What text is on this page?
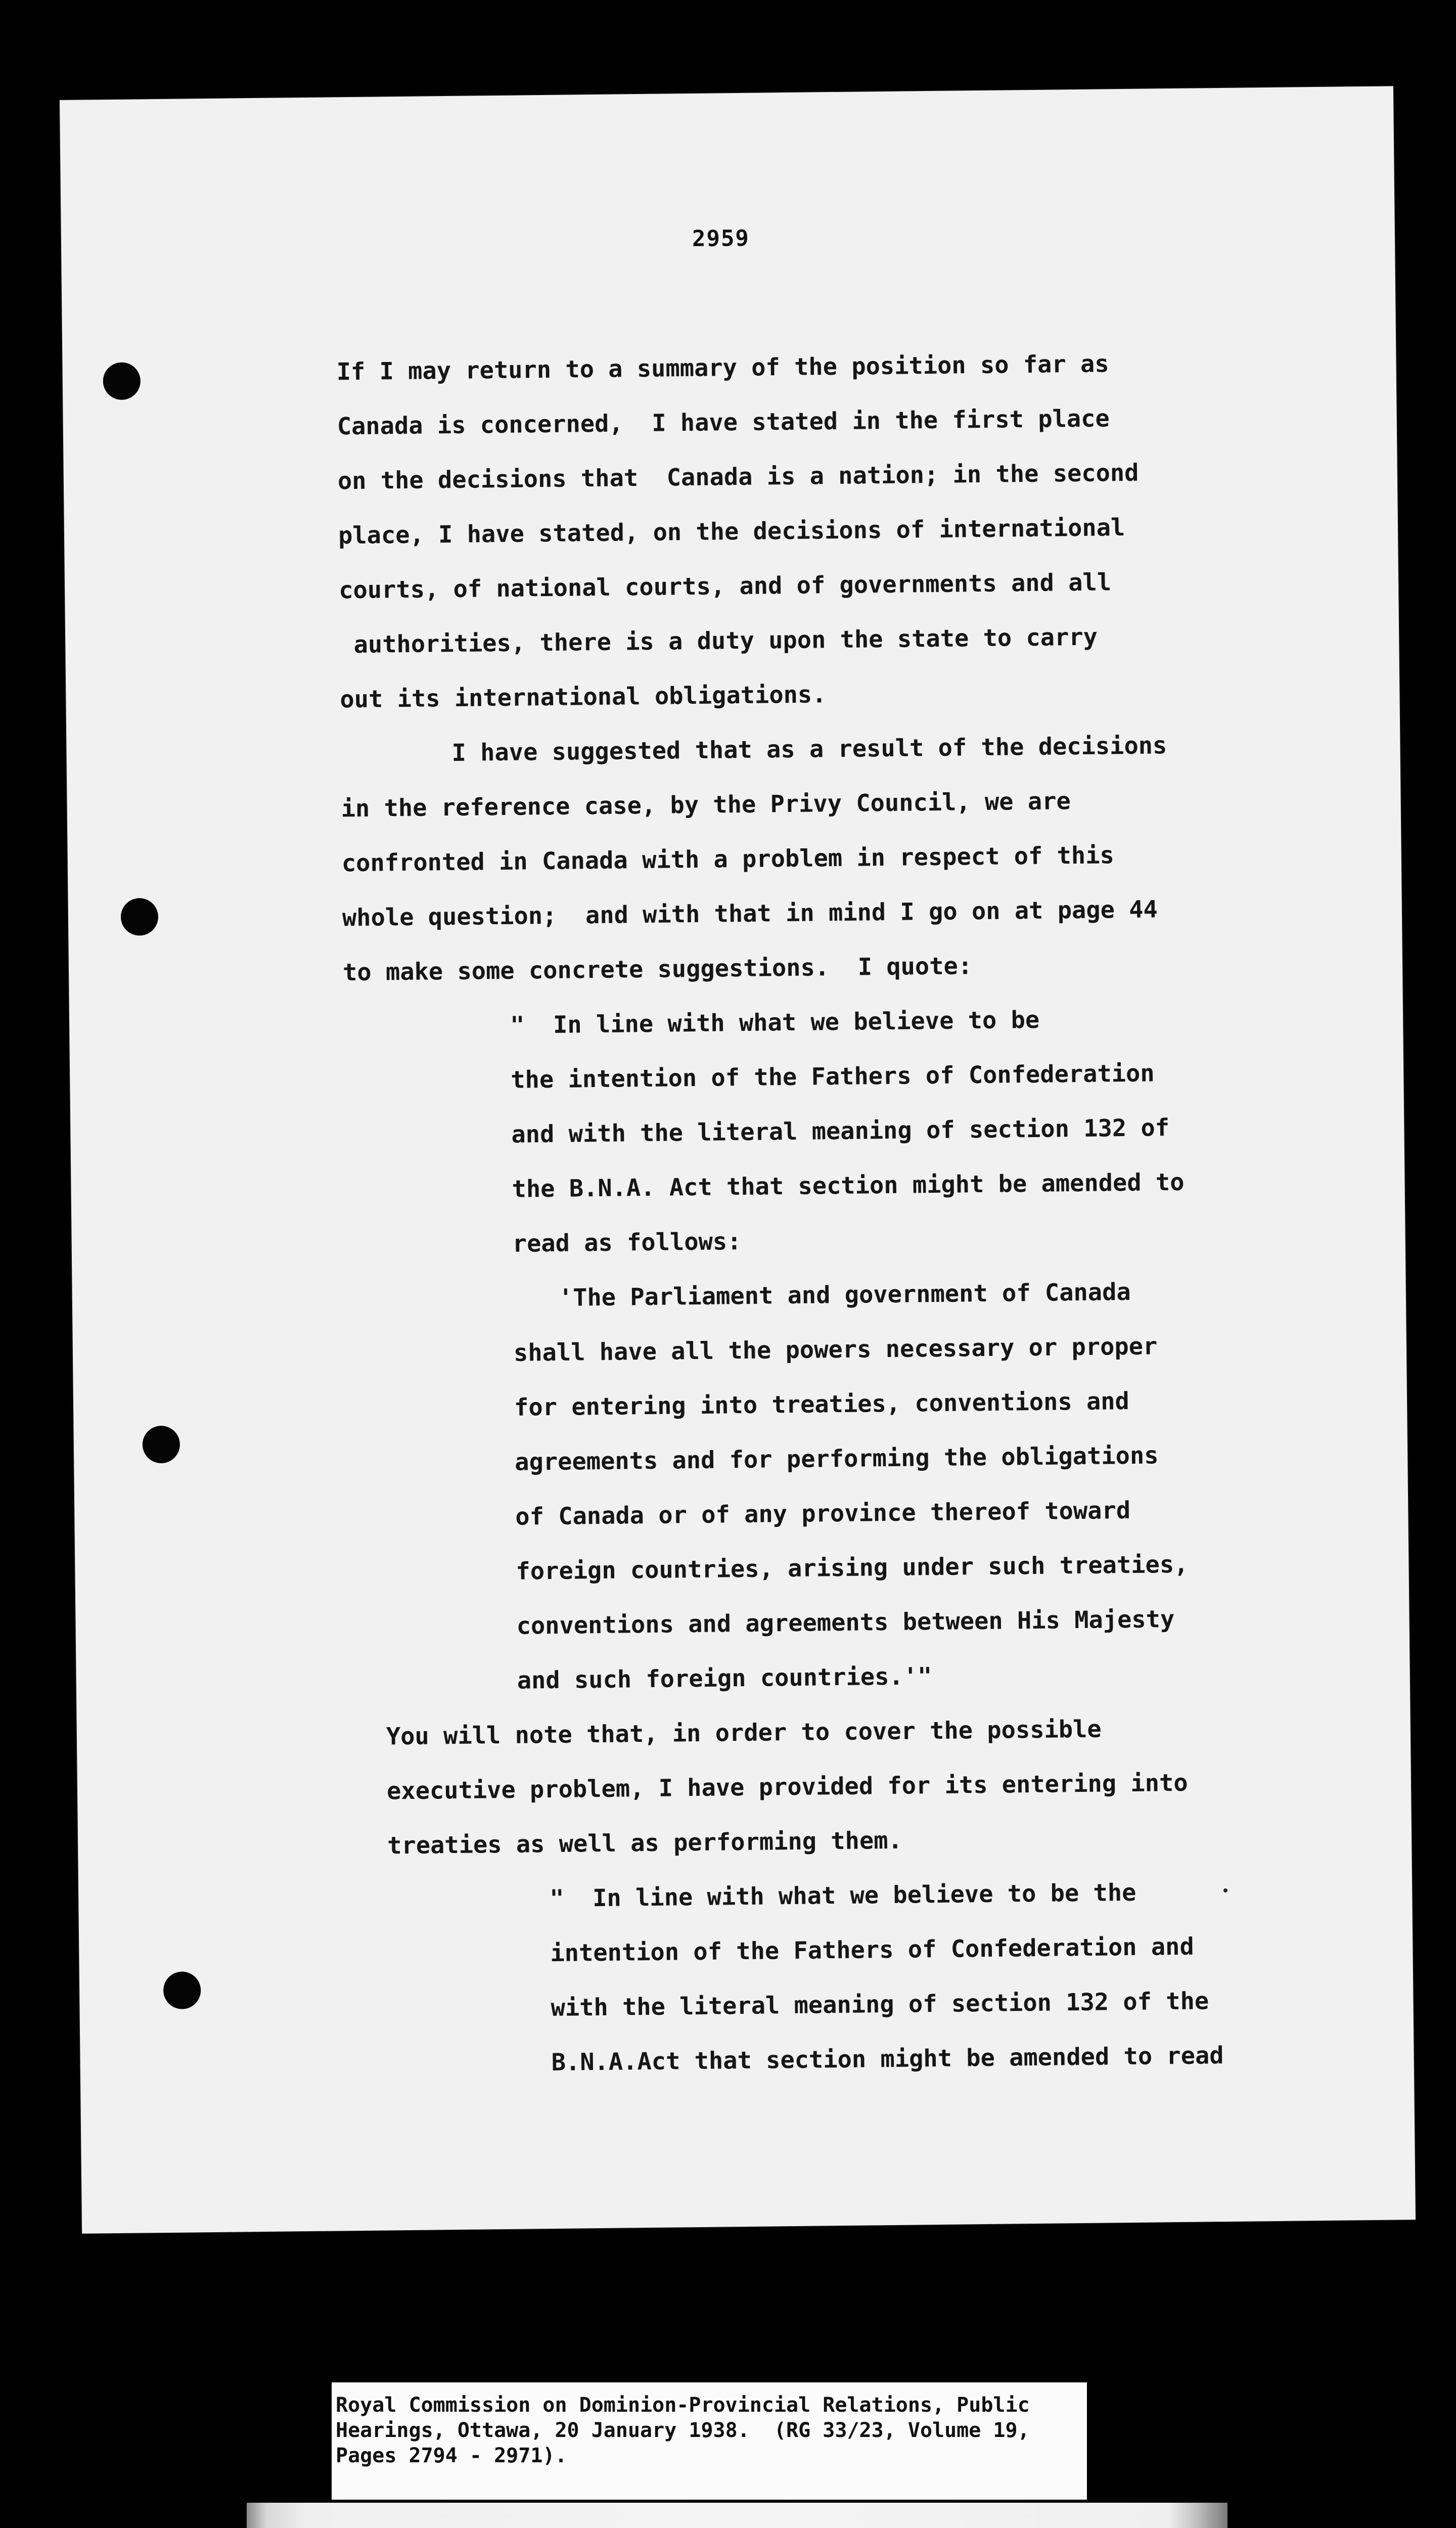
2959
If I may return to a summary of the position so far as
Canada is concerned,  I have stated in the first place
on the decisions that  Canada is a nation; in the second
place, I have stated, on the decisions of international
courts, of national courts, and of governments and all
authorities, there is a duty upon the state to carry
out its international obligations.
I have suggested that as a result of the decisions
in the reference case, by the Privy Council, we are
confronted in Canada with a problem in respect of this
whole question;  and with that in mind I go on at page 44
to make some concrete suggestions.  I quote:
"  In line with what we believe to be
the intention of the Fathers of Confederation
and with the literal meaning of section 132 of
the B.N.A. Act that section might be amended to
read as follows:
'The Parliament and government of Canada
shall have all the powers necessary or proper
for entering into treaties, conventions and
agreements and for performing the obligations
of Canada or of any province thereof toward
foreign countries, arising under such treaties,
conventions and agreements between His Majesty
and such foreign countries.'"
You will note that, in order to cover the possible
executive problem, I have provided for its entering into
treaties as well as performing them.
"  In line with what we believe to be the
intention of the Fathers of Confederation and
with the literal meaning of section 132 of the
B.N.A.Act that section might be amended to read
Royal Commission on Dominion-Provincial Relations, Public
Hearings, Ottawa, 20 January 1938.  (RG 33/23, Volume 19,
Pages 2794 - 2971).
